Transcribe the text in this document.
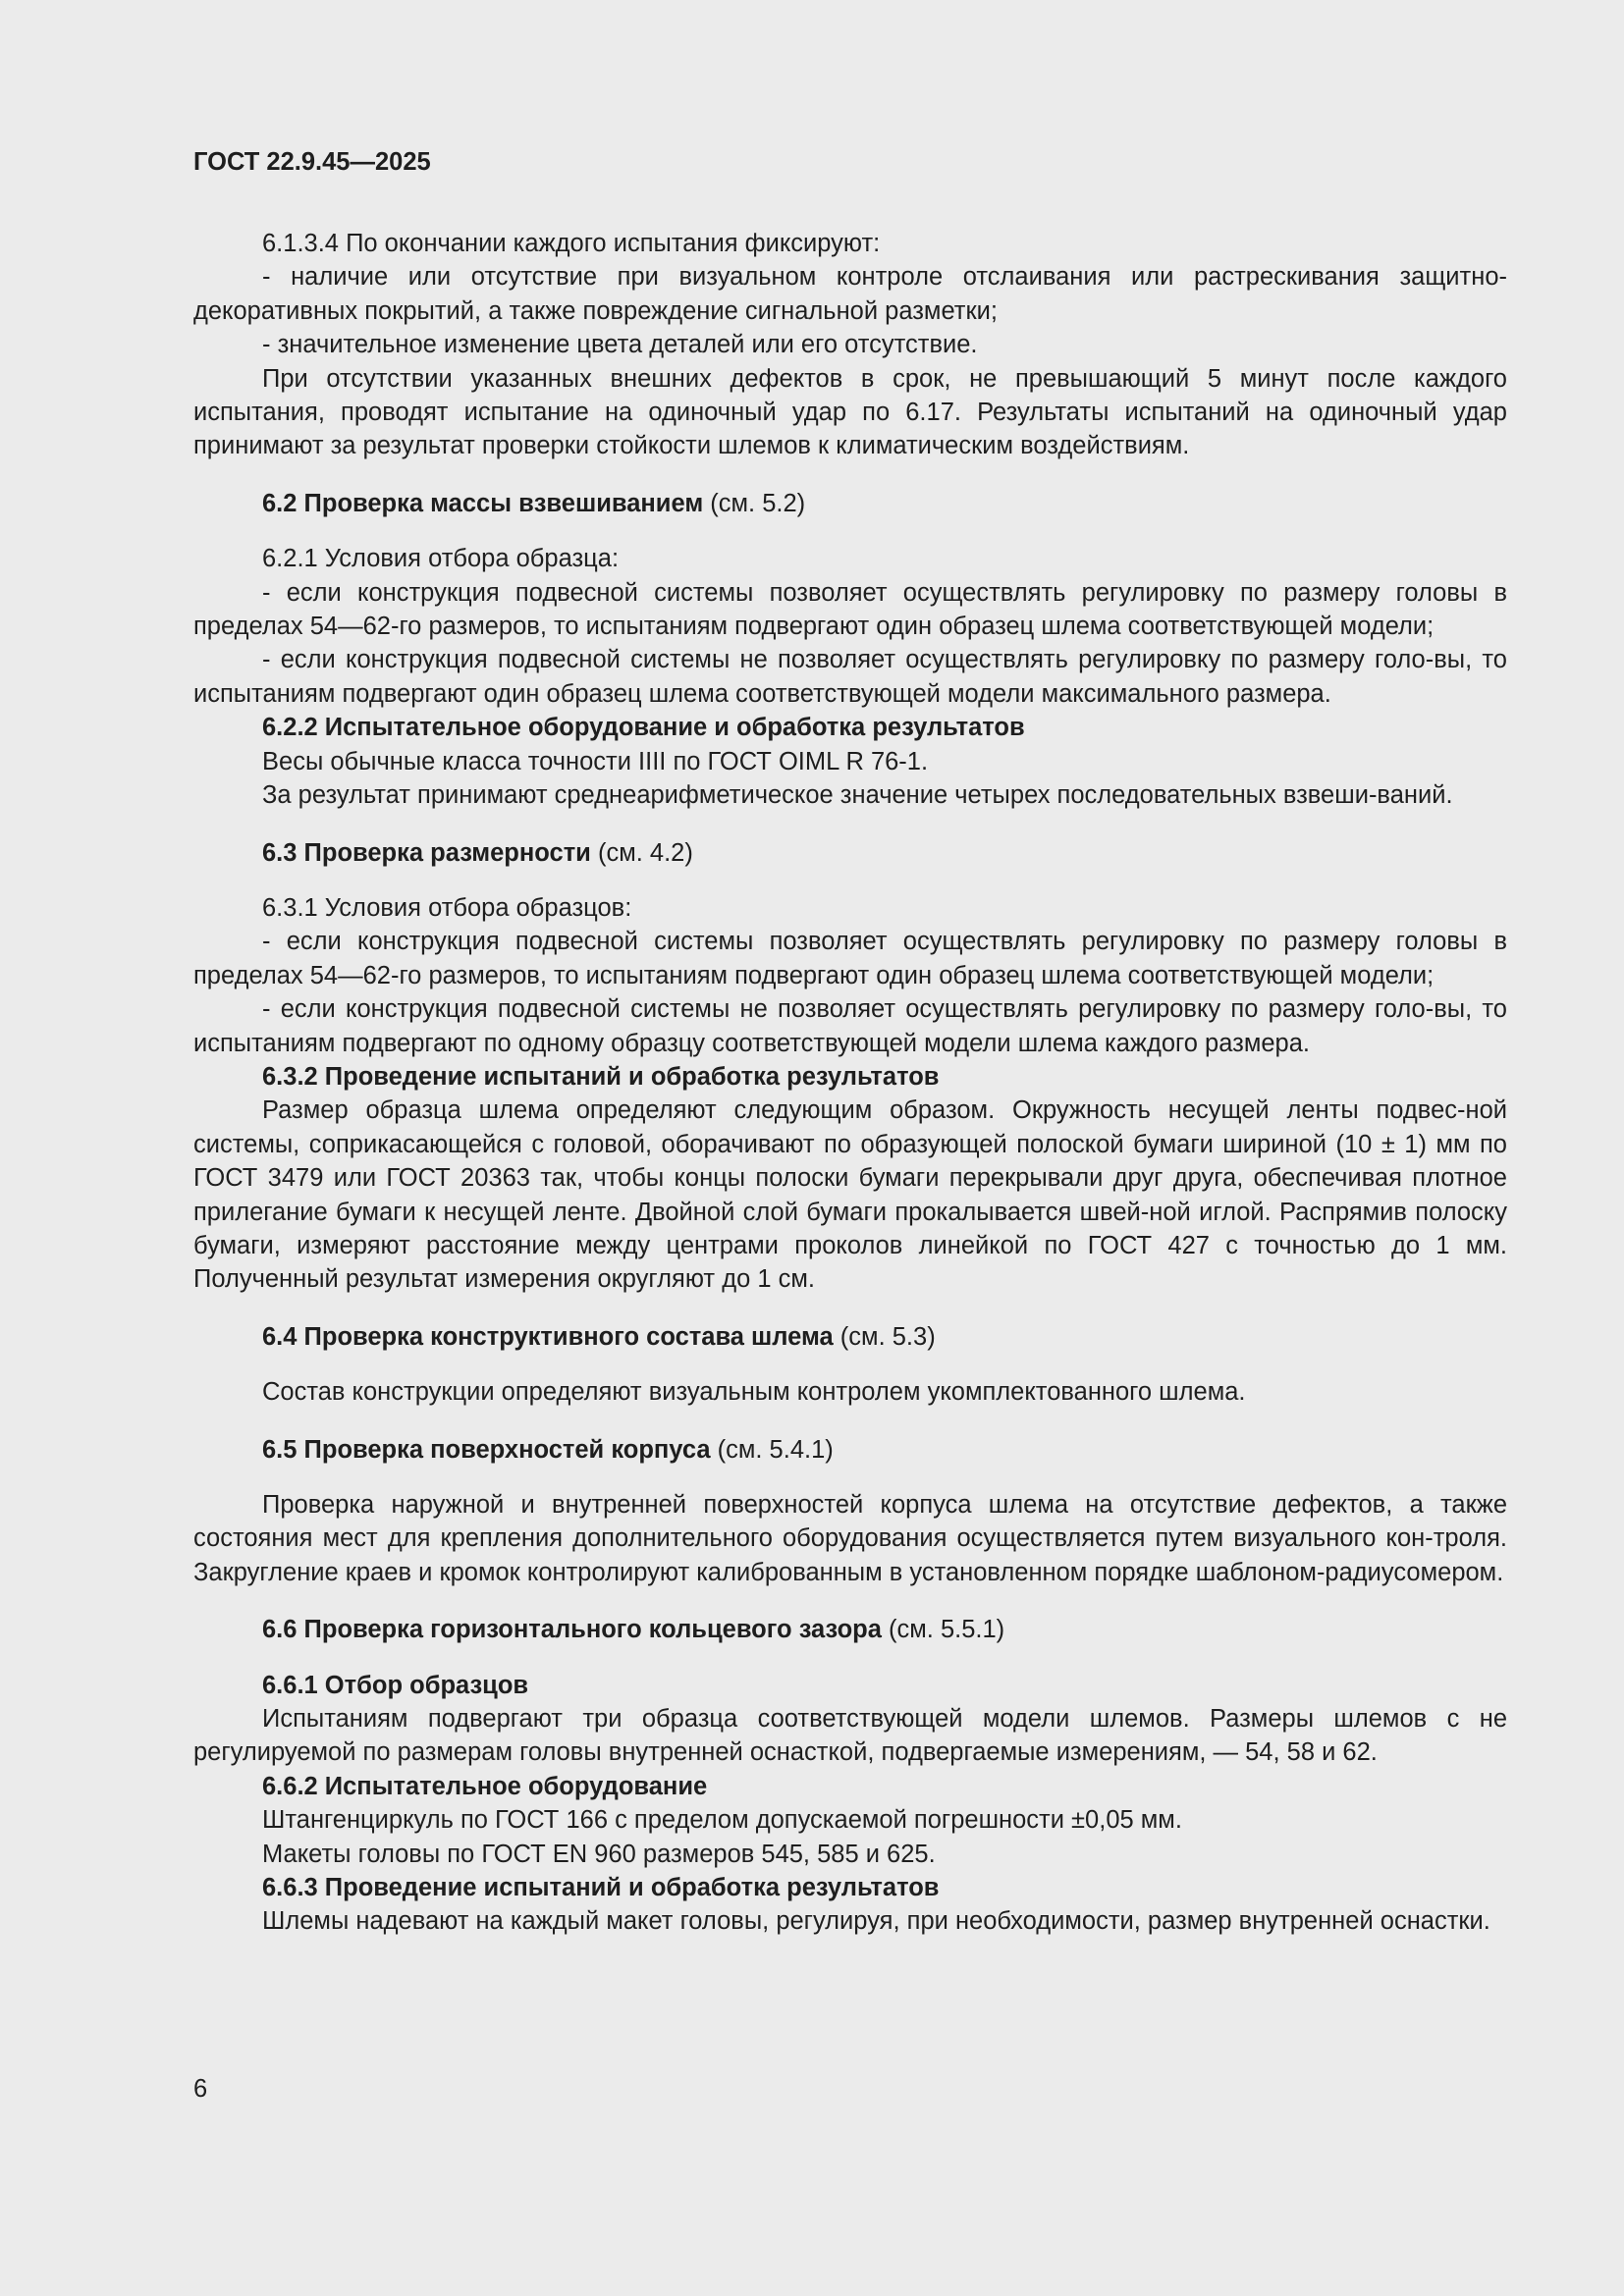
ГОСТ 22.9.45—2025

6.1.3.4 По окончании каждого испытания фиксируют:

- наличие или отсутствие при визуальном контроле отслаивания или растрескивания защитно-декоративных покрытий, а также повреждение сигнальной разметки;

- значительное изменение цвета деталей или его отсутствие.

При отсутствии указанных внешних дефектов в срок, не превышающий 5 минут после каждого испытания, проводят испытание на одиночный удар по 6.17. Результаты испытаний на одиночный удар принимают за результат проверки стойкости шлемов к климатическим воздействиям.

6.2 Проверка массы взвешиванием (см. 5.2)

6.2.1 Условия отбора образца:

- если конструкция подвесной системы позволяет осуществлять регулировку по размеру головы в пределах 54—62-го размеров, то испытаниям подвергают один образец шлема соответствующей модели;

- если конструкция подвесной системы не позволяет осуществлять регулировку по размеру голо-вы, то испытаниям подвергают один образец шлема соответствующей модели максимального размера.

6.2.2 Испытательное оборудование и обработка результатов

Весы обычные класса точности IIII по ГОСТ OIML R 76-1.

За результат принимают среднеарифметическое значение четырех последовательных взвеши-ваний.

6.3 Проверка размерности (см. 4.2)

6.3.1 Условия отбора образцов:

- если конструкция подвесной системы позволяет осуществлять регулировку по размеру головы в пределах 54—62-го размеров, то испытаниям подвергают один образец шлема соответствующей модели;

- если конструкция подвесной системы не позволяет осуществлять регулировку по размеру голо-вы, то испытаниям подвергают по одному образцу соответствующей модели шлема каждого размера.

6.3.2 Проведение испытаний и обработка результатов

Размер образца шлема определяют следующим образом. Окружность несущей ленты подвес-ной системы, соприкасающейся с головой, оборачивают по образующей полоской бумаги шириной (10 ± 1) мм по ГОСТ 3479 или ГОСТ 20363 так, чтобы концы полоски бумаги перекрывали друг друга, обеспечивая плотное прилегание бумаги к несущей ленте. Двойной слой бумаги прокалывается швей-ной иглой. Распрямив полоску бумаги, измеряют расстояние между центрами проколов линейкой по ГОСТ 427 с точностью до 1 мм. Полученный результат измерения округляют до 1 см.

6.4 Проверка конструктивного состава шлема (см. 5.3)

Состав конструкции определяют визуальным контролем укомплектованного шлема.

6.5 Проверка поверхностей корпуса (см. 5.4.1)

Проверка наружной и внутренней поверхностей корпуса шлема на отсутствие дефектов, а также состояния мест для крепления дополнительного оборудования осуществляется путем визуального кон-троля. Закругление краев и кромок контролируют калиброванным в установленном порядке шаблоном-радиусомером.

6.6 Проверка горизонтального кольцевого зазора (см. 5.5.1)

6.6.1 Отбор образцов

Испытаниям подвергают три образца соответствующей модели шлемов. Размеры шлемов с не регулируемой по размерам головы внутренней оснасткой, подвергаемые измерениям, — 54, 58 и 62.

6.6.2 Испытательное оборудование

Штангенциркуль по ГОСТ 166 с пределом допускаемой погрешности ±0,05 мм.

Макеты головы по ГОСТ EN 960 размеров 545, 585 и 625.

6.6.3 Проведение испытаний и обработка результатов

Шлемы надевают на каждый макет головы, регулируя, при необходимости, размер внутренней оснастки.

6
